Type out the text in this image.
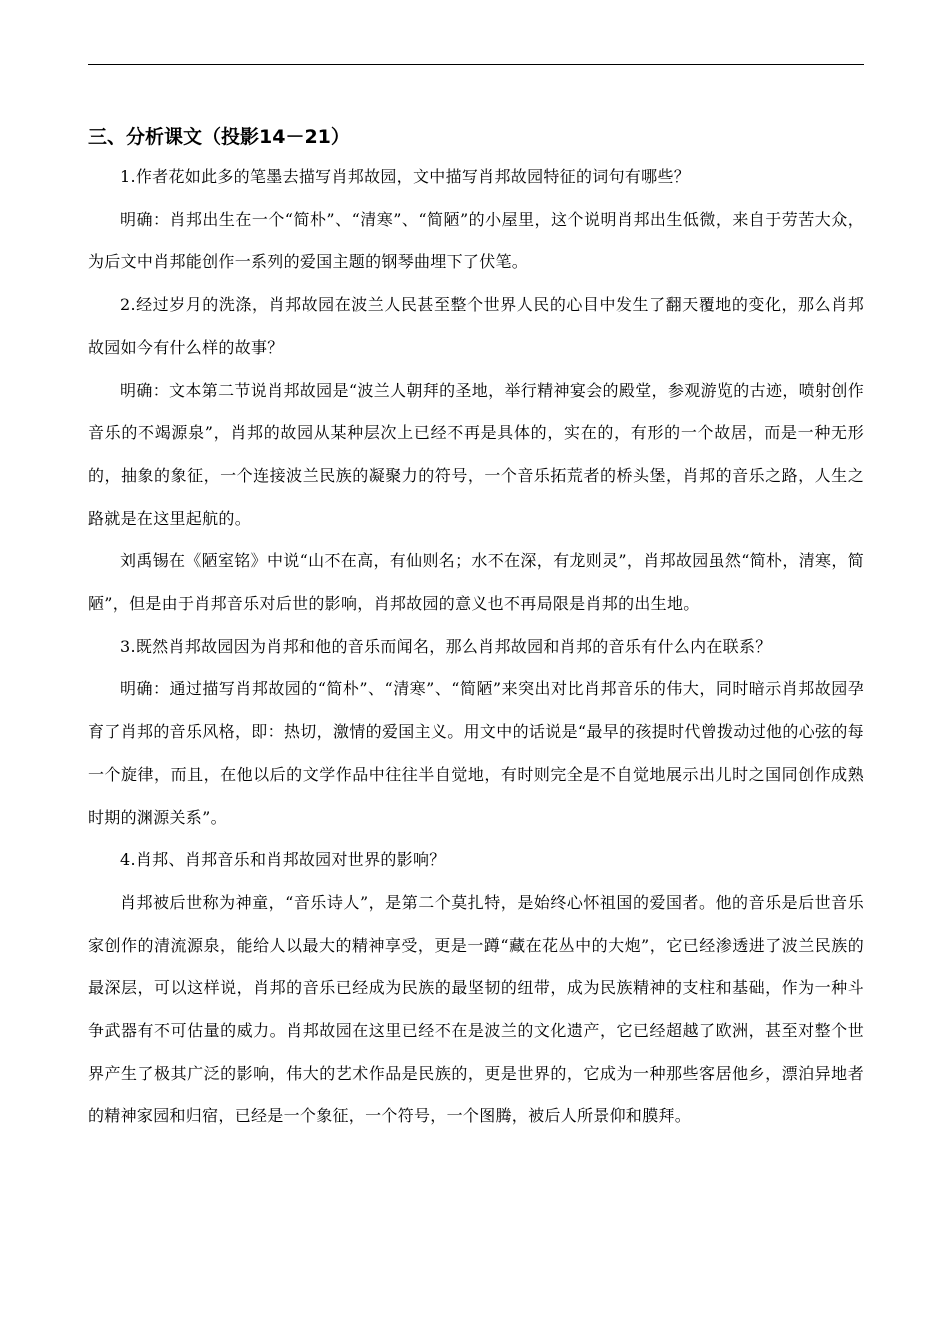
三、分析课文（投影14－21）

1.作者花如此多的笔墨去描写肖邦故园，文中描写肖邦故园特征的词句有哪些？

明确：肖邦出生在一个“简朴”、“清寒”、“简陋”的小屋里，这个说明肖邦出生低微，来自于劳苦大众，为后文中肖邦能创作一系列的爱国主题的钢琴曲埋下了伏笔。

2.经过岁月的洗涤，肖邦故园在波兰人民甚至整个世界人民的心目中发生了翻天覆地的变化，那么肖邦故园如今有什么样的故事？

明确：文本第二节说肖邦故园是“波兰人朝拜的圣地，举行精神宴会的殿堂，参观游览的古迹，喷射创作音乐的不竭源泉”，肖邦的故园从某种层次上已经不再是具体的，实在的，有形的一个故居，而是一种无形的，抽象的象征，一个连接波兰民族的凝聚力的符号，一个音乐拓荒者的桥头堡，肖邦的音乐之路，人生之路就是在这里起航的。

刘禹锡在《陋室铭》中说“山不在高，有仙则名；水不在深，有龙则灵”，肖邦故园虽然“简朴，清寒，简陋”，但是由于肖邦音乐对后世的影响，肖邦故园的意义也不再局限是肖邦的出生地。

3.既然肖邦故园因为肖邦和他的音乐而闻名，那么肖邦故园和肖邦的音乐有什么内在联系？

明确：通过描写肖邦故园的“简朴”、“清寒”、“简陋”来突出对比肖邦音乐的伟大，同时暗示肖邦故园孕育了肖邦的音乐风格，即：热切，激情的爱国主义。用文中的话说是“最早的孩提时代曾拨动过他的心弦的每一个旋律，而且，在他以后的文学作品中往往半自觉地，有时则完全是不自觉地展示出儿时之国同创作成熟时期的渊源关系”。

4.肖邦、肖邦音乐和肖邦故园对世界的影响？

肖邦被后世称为神童，“音乐诗人”，是第二个莫扎特，是始终心怀祖国的爱国者。他的音乐是后世音乐家创作的清流源泉，能给人以最大的精神享受，更是一蹲“藏在花丛中的大炮”，它已经渗透进了波兰民族的最深层，可以这样说，肖邦的音乐已经成为民族的最坚韧的纽带，成为民族精神的支柱和基础，作为一种斗争武器有不可估量的威力。肖邦故园在这里已经不在是波兰的文化遗产，它已经超越了欧洲，甚至对整个世界产生了极其广泛的影响，伟大的艺术作品是民族的，更是世界的，它成为一种那些客居他乡，漂泊异地者的精神家园和归宿，已经是一个象征，一个符号，一个图腾，被后人所景仰和膜拜。
